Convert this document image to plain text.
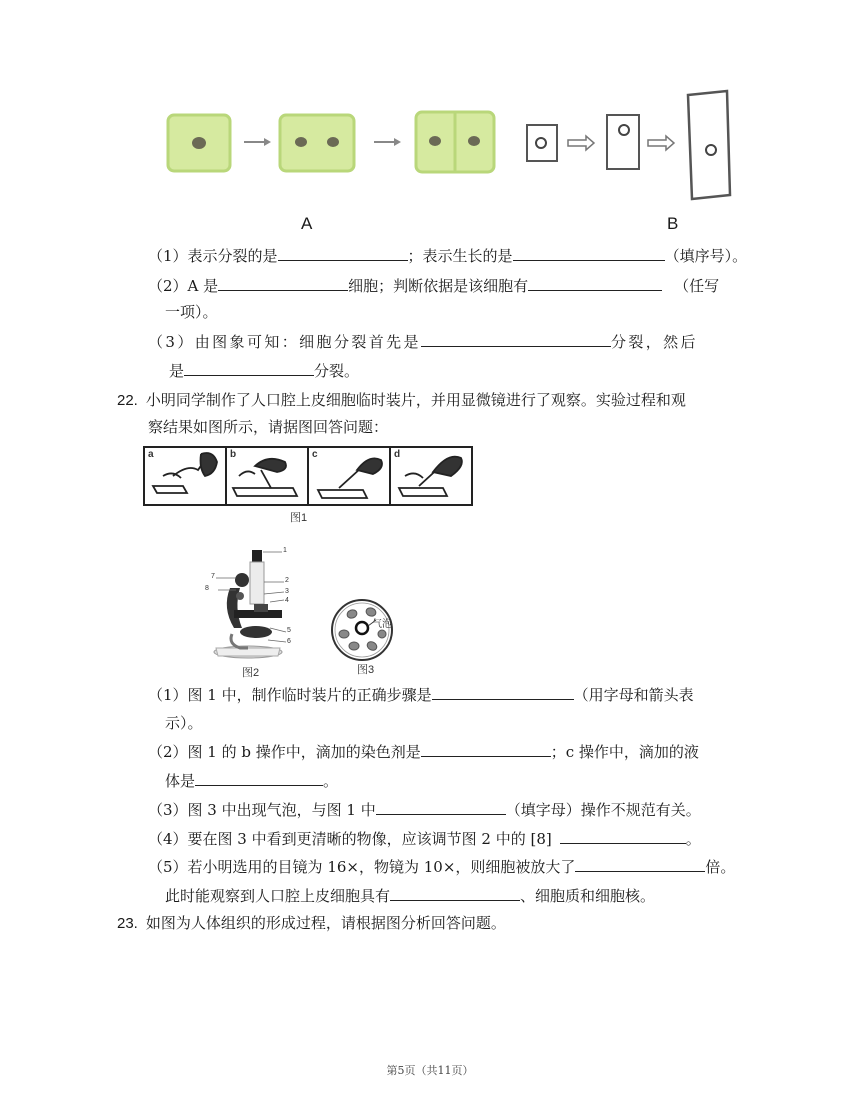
A	B
（1）表示分裂的是	；表示生长的是	（填序号）。
（2）A 是	细胞；判断依据是该细胞有	（任写
一项）。
（3）由图象可知：细胞分裂首先是	分裂，然后
是	分裂。
22. 小明同学制作了人口腔上皮细胞临时装片，并用显微镜进行了观察。实验过程和观
察结果如图所示，请据图回答问题：
a	b	c	d
图1
1
2
3
4
5
6
7
8
图2
气泡
图3
（1）图 1 中，制作临时装片的正确步骤是	（用字母和箭头表
示）。
（2）图 1 的 b 操作中，滴加的染色剂是	；c 操作中，滴加的液
体是	。
（3）图 3 中出现气泡，与图 1 中	（填字母）操作不规范有关。
（4）要在图 3 中看到更清晰的物像，应该调节图 2 中的 [8]	。
（5）若小明选用的目镜为 16×，物镜为 10×，则细胞被放大了	倍。
此时能观察到人口腔上皮细胞具有	、细胞质和细胞核。
23. 如图为人体组织的形成过程，请根据图分析回答问题。
第5页（共11页）
